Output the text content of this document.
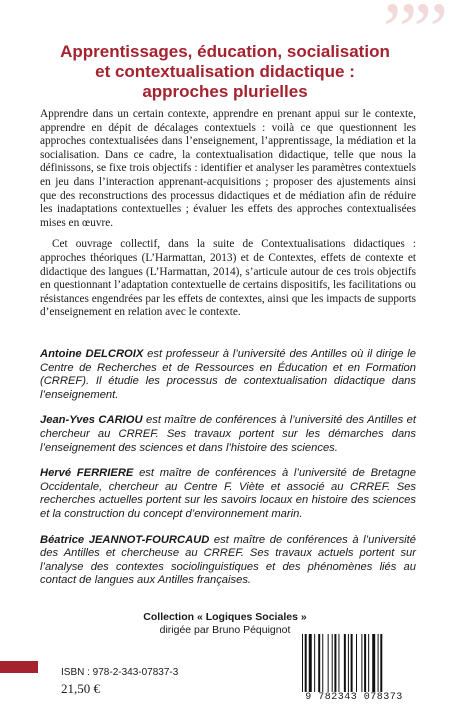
””
Apprentissages, éducation, socialisation
et contextualisation didactique :
approches plurielles

Apprendre dans un certain contexte, apprendre en prenant appui sur le contexte, apprendre en dépit de décalages contextuels : voilà ce que questionnent les approches contextualisées dans l’enseignement, l’apprentissage, la médiation et la socialisation. Dans ce cadre, la contextualisation didactique, telle que nous la définissons, se fixe trois objectifs : identifier et analyser les paramètres contextuels en jeu dans l’interaction apprenant-acquisitions ; proposer des ajustements ainsi que des reconstructions des processus didactiques et de médiation afin de réduire les inadaptations contextuelles ; évaluer les effets des approches contextualisées mises en œuvre.

Cet ouvrage collectif, dans la suite de Contextualisations didactiques : approches théoriques (L’Harmattan, 2013) et de Contextes, effets de contexte et didactique des langues (L’Harmattan, 2014), s’articule autour de ces trois objectifs en questionnant l’adaptation contextuelle de certains dispositifs, les facilitations ou résistances engendrées par les effets de contextes, ainsi que les impacts de supports d’enseignement en relation avec le contexte.

Antoine DELCROIX est professeur à l’université des Antilles où il dirige le Centre de Recherches et de Ressources en Éducation et en Formation (CRREF). Il étudie les processus de contextualisation didactique dans l’enseignement.

Jean-Yves CARIOU est maître de conférences à l’université des Antilles et chercheur au CRREF. Ses travaux portent sur les démarches dans l’enseignement des sciences et dans l’histoire des sciences.

Hervé FERRIERE est maître de conférences à l’université de Bretagne Occidentale, chercheur au Centre F. Viète et associé au CRREF. Ses recherches actuelles portent sur les savoirs locaux en histoire des sciences et la construction du concept d’environnement marin.

Béatrice JEANNOT-FOURCAUD est maître de conférences à l’université des Antilles et chercheuse au CRREF. Ses travaux actuels portent sur l’analyse des contextes sociolinguistiques et des phénomènes liés au contact de langues aux Antilles françaises.

Collection « Logiques Sociales »
dirigée par Bruno Péquignot
ISBN : 978-2-343-07837-3
21,50 €
9 782343 078373
